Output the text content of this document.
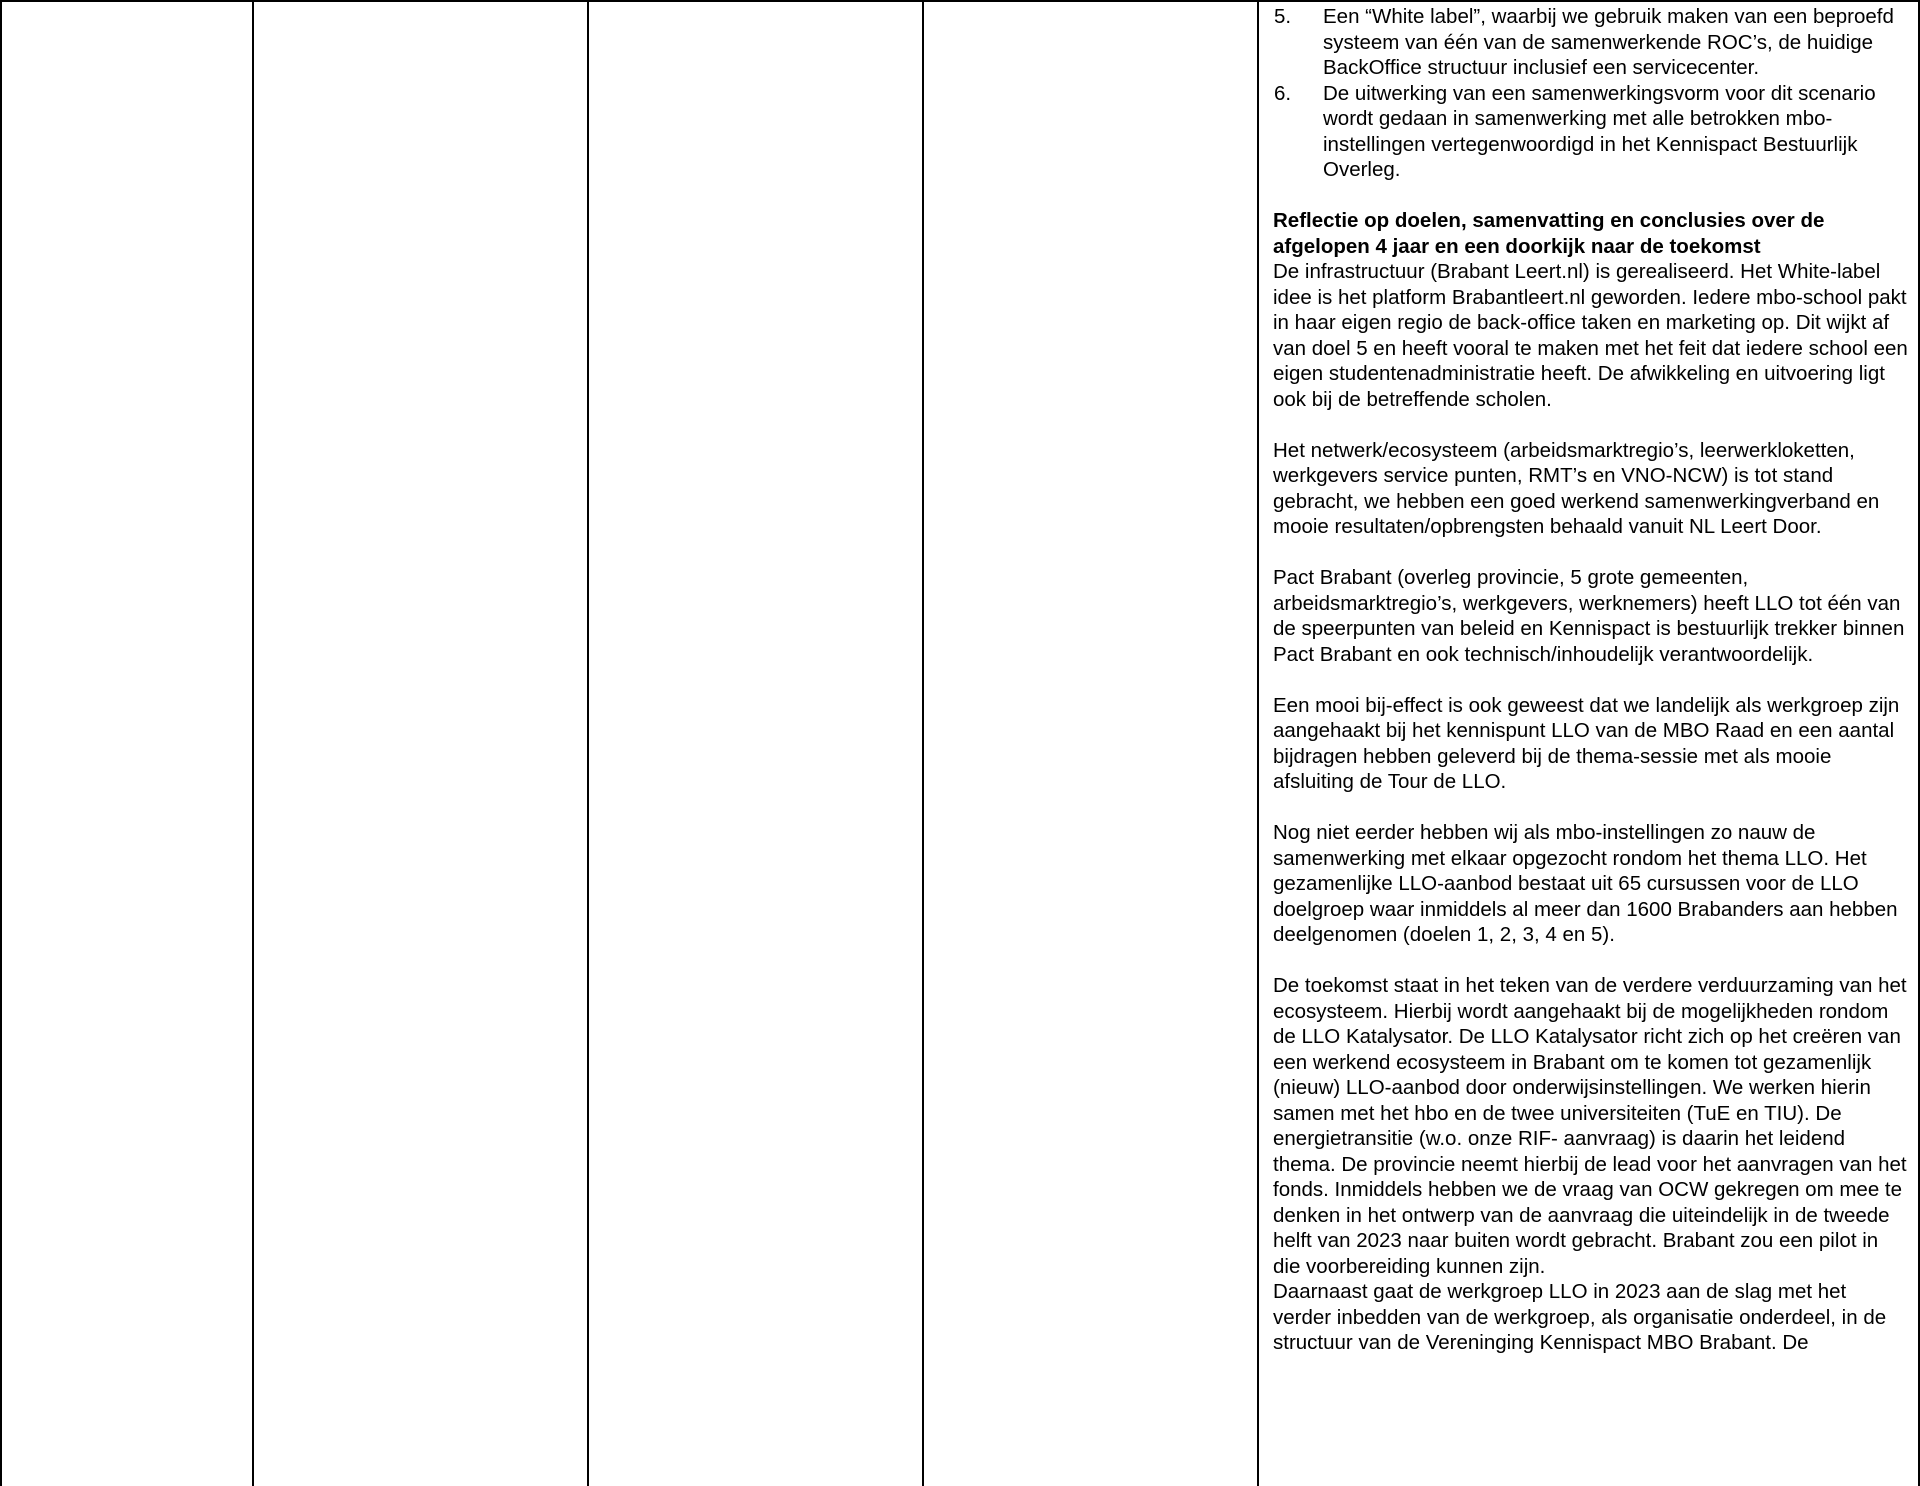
5. Een “White label”, waarbij we gebruik maken van een beproefd systeem van één van de samenwerkende ROC’s, de huidige BackOffice structuur inclusief een servicecenter.
6. De uitwerking van een samenwerkingsvorm voor dit scenario wordt gedaan in samenwerking met alle betrokken mbo-instellingen vertegenwoordigd in het Kennispact Bestuurlijk Overleg.
Reflectie op doelen, samenvatting en conclusies over de afgelopen 4 jaar en een doorkijk naar de toekomst

De infrastructuur (Brabant Leert.nl) is gerealiseerd. Het White-label idee is het platform Brabantleert.nl geworden. Iedere mbo-school pakt in haar eigen regio de back-office taken en marketing op. Dit wijkt af van doel 5 en heeft vooral te maken met het feit dat iedere school een eigen studentenadministratie heeft. De afwikkeling en uitvoering ligt ook bij de betreffende scholen.

Het netwerk/ecosysteem (arbeidsmarktregio’s, leerwerkloketten, werkgevers service punten, RMT’s en VNO-NCW) is tot stand gebracht, we hebben een goed werkend samenwerkingverband en mooie resultaten/opbrengsten behaald vanuit NL Leert Door.

Pact Brabant (overleg provincie, 5 grote gemeenten, arbeidsmarktregio’s, werkgevers, werknemers) heeft LLO tot één van de speerpunten van beleid en Kennispact is bestuurlijk trekker binnen Pact Brabant en ook technisch/inhoudelijk verantwoordelijk.

Een mooi bij-effect is ook geweest dat we landelijk als werkgroep zijn aangehaakt bij het kennispunt LLO van de MBO Raad en een aantal bijdragen hebben geleverd bij de thema-sessie met als mooie afsluiting de Tour de LLO.

Nog niet eerder hebben wij als mbo-instellingen zo nauw de samenwerking met elkaar opgezocht rondom het thema LLO. Het gezamenlijke LLO-aanbod bestaat uit 65 cursussen voor de LLO doelgroep waar inmiddels al meer dan 1600 Brabanders aan hebben deelgenomen (doelen 1, 2, 3, 4 en 5).

De toekomst staat in het teken van de verdere verduurzaming van het ecosysteem. Hierbij wordt aangehaakt bij de mogelijkheden rondom de LLO Katalysator. De LLO Katalysator richt zich op het creëren van een werkend ecosysteem in Brabant om te komen tot gezamenlijk (nieuw) LLO-aanbod door onderwijsinstellingen. We werken hierin samen met het hbo en de twee universiteiten (TuE en TIU). De energietransitie (w.o. onze RIF- aanvraag) is daarin het leidend thema. De provincie neemt hierbij de lead voor het aanvragen van het fonds. Inmiddels hebben we de vraag van OCW gekregen om mee te denken in het ontwerp van de aanvraag die uiteindelijk in de tweede helft van 2023 naar buiten wordt gebracht. Brabant zou een pilot in die voorbereiding kunnen zijn.

Daarnaast gaat de werkgroep LLO in 2023 aan de slag met het verder inbedden van de werkgroep, als organisatie onderdeel, in de structuur van de Vereninging Kennispact MBO Brabant. De
